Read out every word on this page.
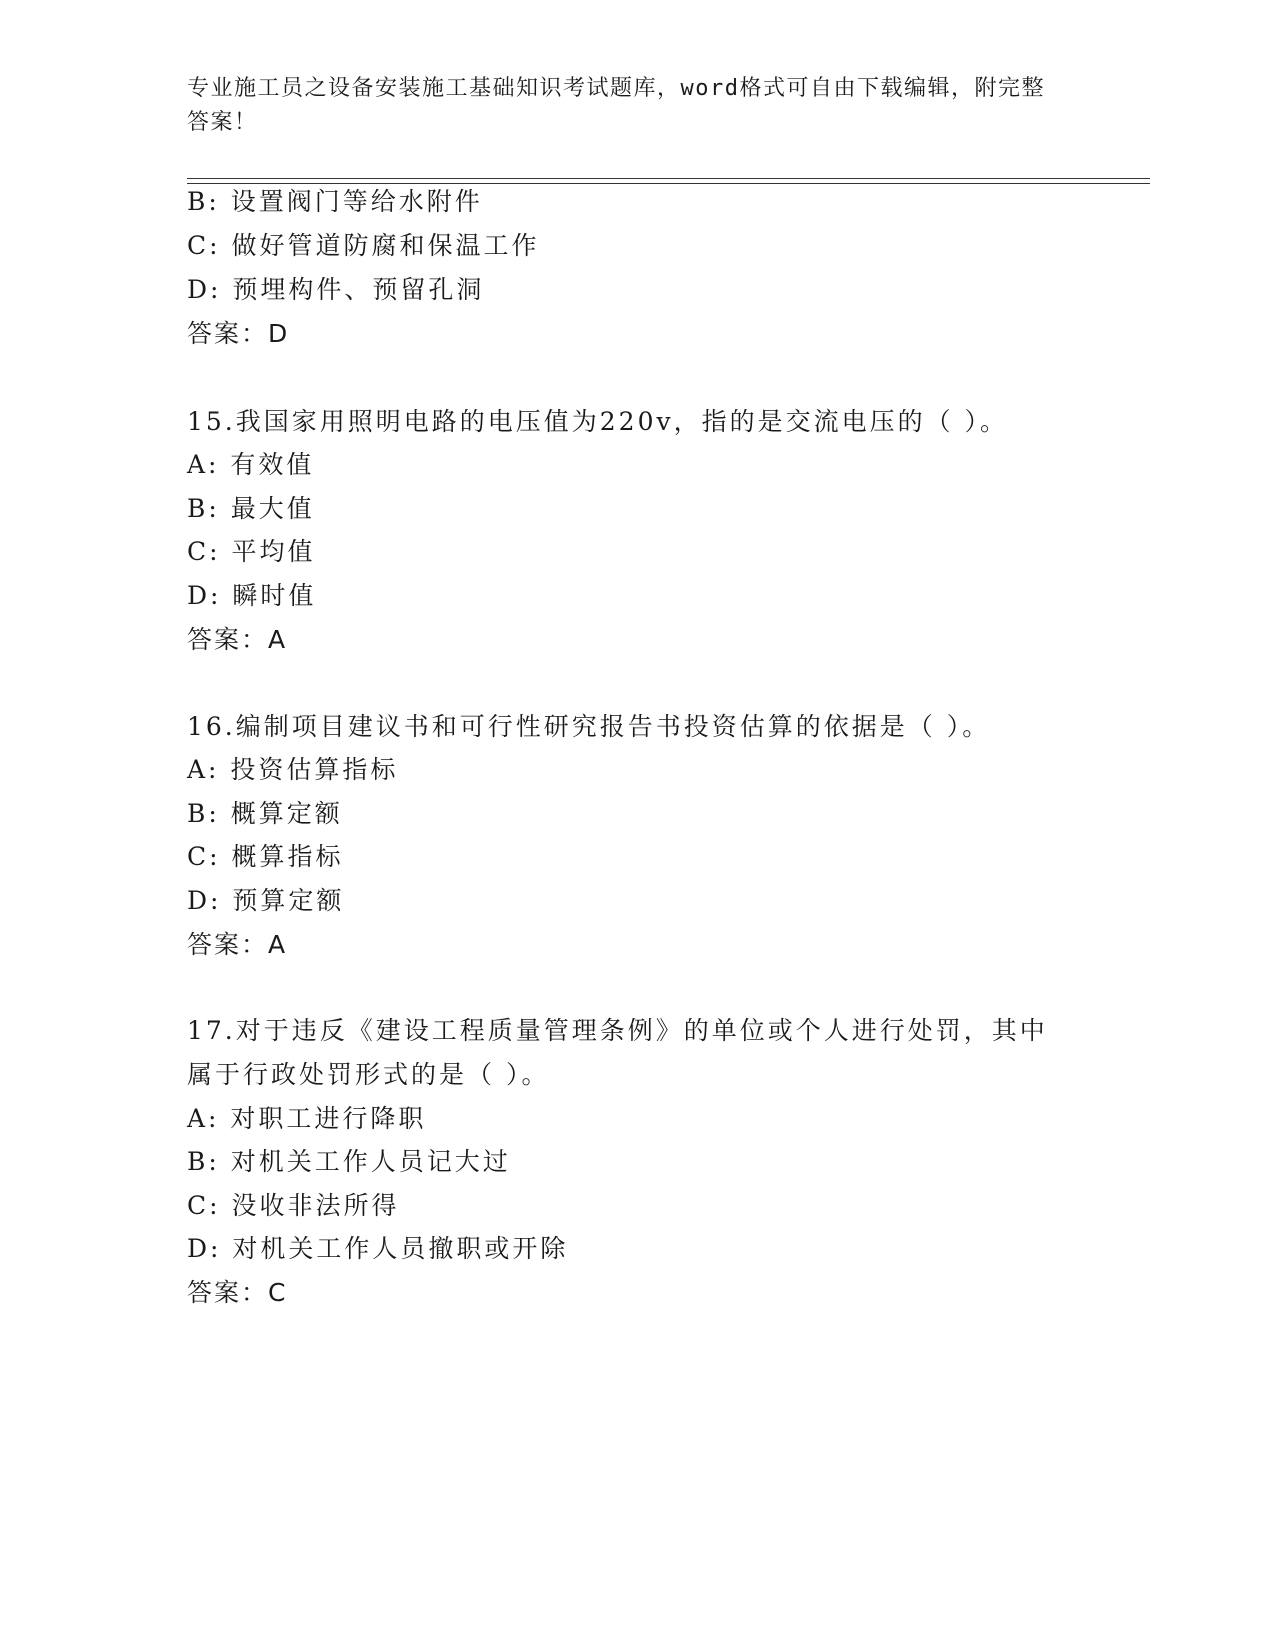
专业施工员之设备安装施工基础知识考试题库，word格式可自由下载编辑，附完整答案！
B: 设置阀门等给水附件
C: 做好管道防腐和保温工作
D: 预埋构件、预留孔洞
答案：D
15.我国家用照明电路的电压值为220v，指的是交流电压的（ ）。
A: 有效值
B: 最大值
C: 平均值
D: 瞬时值
答案：A
16.编制项目建议书和可行性研究报告书投资估算的依据是（ ）。
A: 投资估算指标
B: 概算定额
C: 概算指标
D: 预算定额
答案：A
17.对于违反《建设工程质量管理条例》的单位或个人进行处罚，其中
属于行政处罚形式的是（ ）。
A: 对职工进行降职
B: 对机关工作人员记大过
C: 没收非法所得
D: 对机关工作人员撤职或开除
答案：C
